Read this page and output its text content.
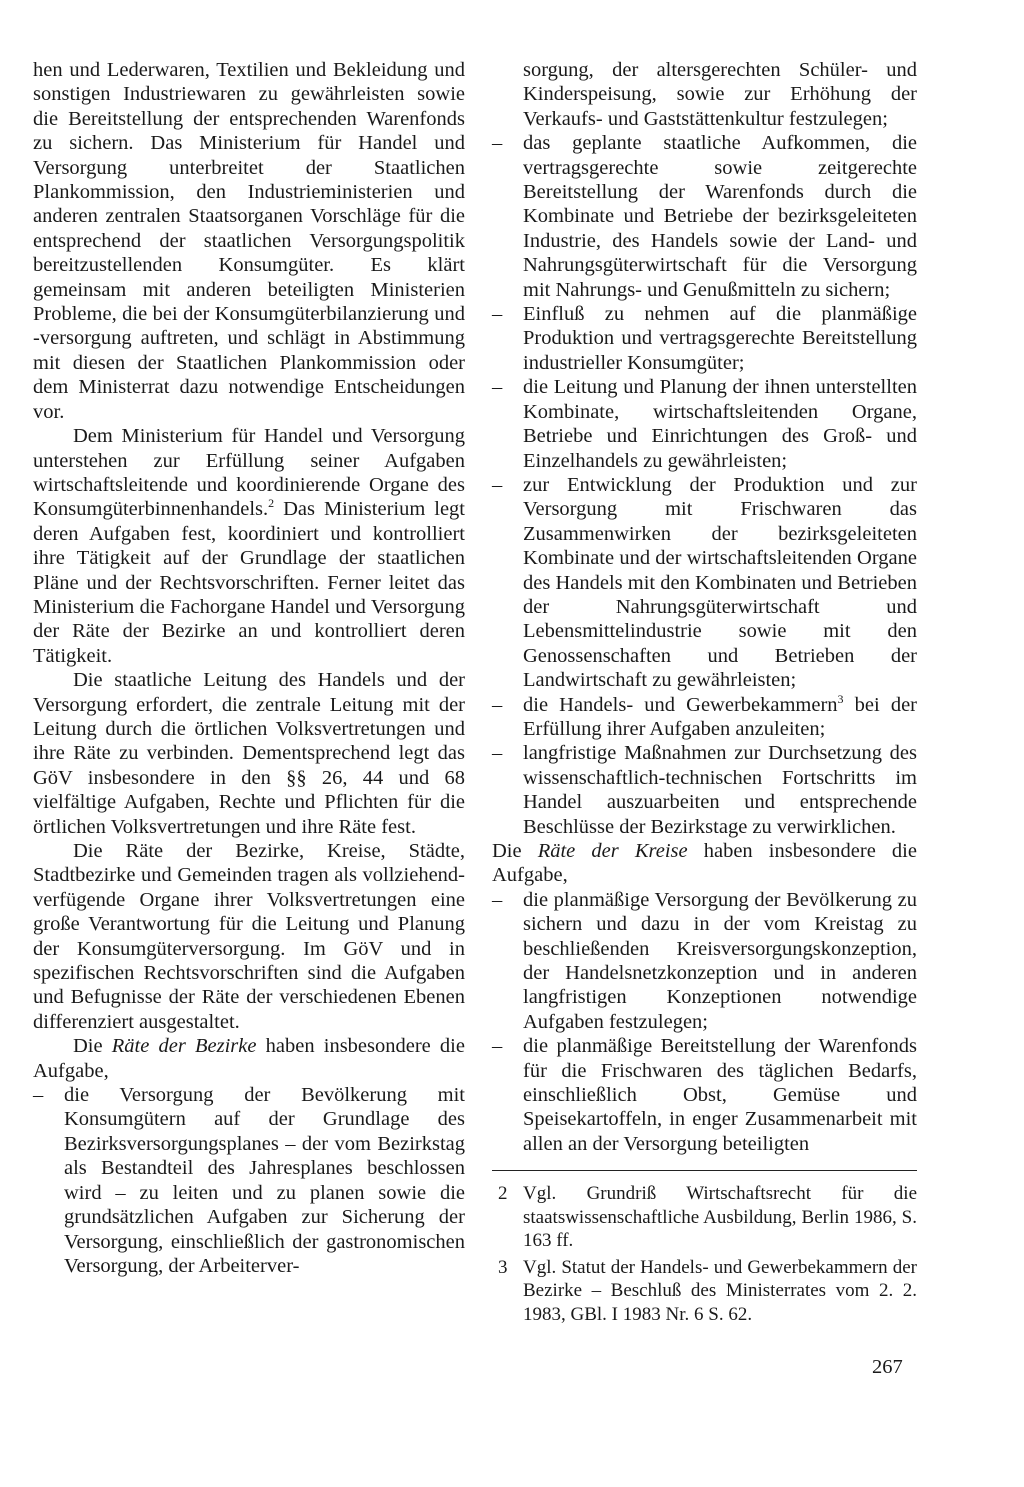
hen und Lederwaren, Textilien und Bekleidung und sonstigen Industriewaren zu gewährleisten sowie die Bereitstellung der entsprechenden Warenfonds zu sichern. Das Ministerium für Handel und Versorgung unterbreitet der Staatlichen Plankommission, den Industrieministerien und anderen zentralen Staatsorganen Vorschläge für die entsprechend der staatlichen Versorgungspolitik bereitzustellenden Konsumgüter. Es klärt gemeinsam mit anderen beteiligten Ministerien Probleme, die bei der Konsumgüterbilanzierung und -versorgung auftreten, und schlägt in Abstimmung mit diesen der Staatlichen Plankommission oder dem Ministerrat dazu notwendige Entscheidungen vor.

Dem Ministerium für Handel und Versorgung unterstehen zur Erfüllung seiner Aufgaben wirtschaftsleitende und koordinierende Organe des Konsumgüterbinnenhandels.$^2$ Das Ministerium legt deren Aufgaben fest, koordiniert und kontrolliert ihre Tätigkeit auf der Grundlage der staatlichen Pläne und der Rechtsvorschriften. Ferner leitet das Ministerium die Fachorgane Handel und Versorgung der Räte der Bezirke an und kontrolliert deren Tätigkeit.

Die staatliche Leitung des Handels und der Versorgung erfordert, die zentrale Leitung mit der Leitung durch die örtlichen Volksvertretungen und ihre Räte zu verbinden. Dementsprechend legt das GöV insbesondere in den §§ 26, 44 und 68 vielfältige Aufgaben, Rechte und Pflichten für die örtlichen Volksvertretungen und ihre Räte fest.

Die Räte der Bezirke, Kreise, Städte, Stadtbezirke und Gemeinden tragen als vollziehend-verfügende Organe ihrer Volksvertretungen eine große Verantwortung für die Leitung und Planung der Konsumgüterversorgung. Im GöV und in spezifischen Rechtsvorschriften sind die Aufgaben und Befugnisse der Räte der verschiedenen Ebenen differenziert ausgestaltet.

Die Räte der Bezirke haben insbesondere die Aufgabe,

– die Versorgung der Bevölkerung mit Konsumgütern auf der Grundlage des Bezirksversorgungsplanes – der vom Bezirkstag als Bestandteil des Jahresplanes beschlossen wird – zu leiten und zu planen sowie die grundsätzlichen Aufgaben zur Sicherung der Versorgung, einschließlich der gastronomischen Versorgung, der Arbeiterver-
sorgung, der altersgerechten Schüler- und Kinderspeisung, sowie zur Erhöhung der Verkaufs- und Gaststättenkultur festzulegen;
– das geplante staatliche Aufkommen, die vertragsgerechte sowie zeitgerechte Bereitstellung der Warenfonds durch die Kombinate und Betriebe der bezirksgeleiteten Industrie, des Handels sowie der Land- und Nahrungsgüterwirtschaft für die Versorgung mit Nahrungs- und Genußmitteln zu sichern;
– Einfluß zu nehmen auf die planmäßige Produktion und vertragsgerechte Bereitstellung industrieller Konsumgüter;
– die Leitung und Planung der ihnen unterstellten Kombinate, wirtschaftsleitenden Organe, Betriebe und Einrichtungen des Groß- und Einzelhandels zu gewährleisten;
– zur Entwicklung der Produktion und zur Versorgung mit Frischwaren das Zusammenwirken der bezirksgeleiteten Kombinate und der wirtschaftsleitenden Organe des Handels mit den Kombinaten und Betrieben der Nahrungsgüterwirtschaft und Lebensmittelindustrie sowie mit den Genossenschaften und Betrieben der Landwirtschaft zu gewährleisten;
– die Handels- und Gewerbekammern$^3$ bei der Erfüllung ihrer Aufgaben anzuleiten;
– langfristige Maßnahmen zur Durchsetzung des wissenschaftlich-technischen Fortschritts im Handel auszuarbeiten und entsprechende Beschlüsse der Bezirkstage zu verwirklichen.

Die Räte der Kreise haben insbesondere die Aufgabe,

– die planmäßige Versorgung der Bevölkerung zu sichern und dazu in der vom Kreistag zu beschließenden Kreisversorgungskonzeption, der Handelsnetzkonzeption und in anderen langfristigen Konzeptionen notwendige Aufgaben festzulegen;
– die planmäßige Bereitstellung der Warenfonds für die Frischwaren des täglichen Bedarfs, einschließlich Obst, Gemüse und Speisekartoffeln, in enger Zusammenarbeit mit allen an der Versorgung beteiligten
2 Vgl. Grundriß Wirtschaftsrecht für die staatswissenschaftliche Ausbildung, Berlin 1986, S. 163 ff.
3 Vgl. Statut der Handels- und Gewerbekammern der Bezirke – Beschluß des Ministerrates vom 2. 2. 1983, GBl. I 1983 Nr. 6 S. 62.
267
